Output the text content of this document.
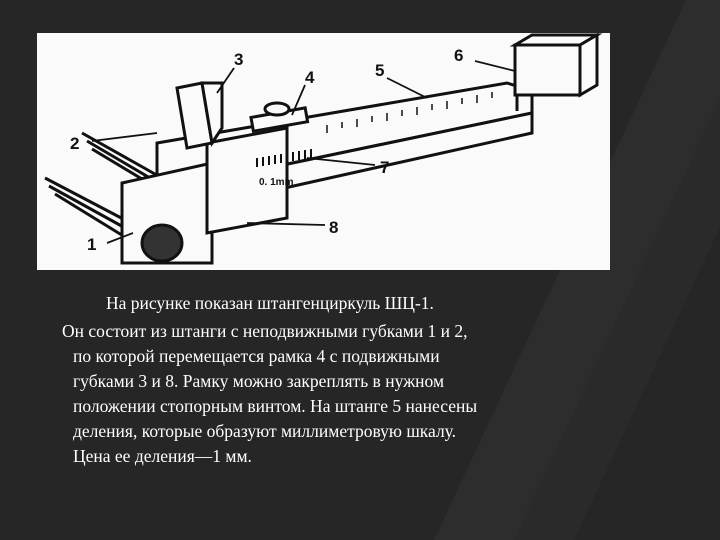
0. 1mm
1
2
3
4	5
6
7
8
На рисунке показан штангенциркуль ШЦ-1.
Он состоит из штанги с неподвижными губками 1 и 2,
по которой перемещается рамка 4 с подвижными
губками 3 и 8. Рамку можно закреплять в нужном
положении стопорным винтом. На штанге 5 нанесены
деления, которые образуют миллиметровую шкалу.
Цена ее деления—1 мм.
